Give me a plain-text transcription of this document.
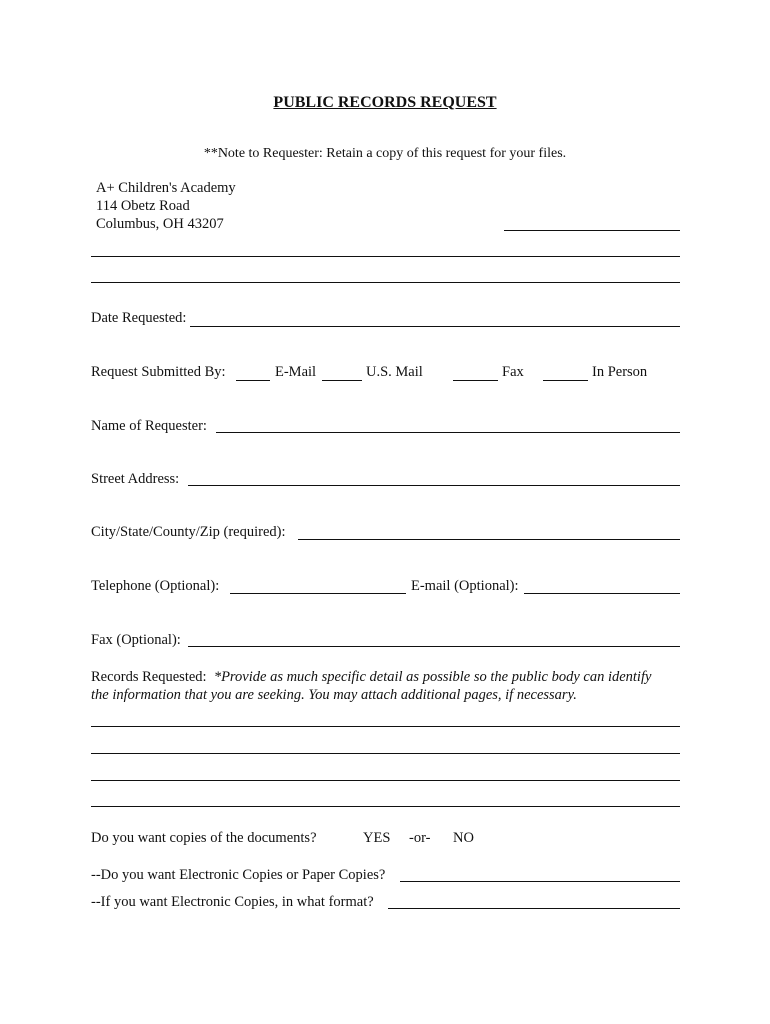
PUBLIC RECORDS REQUEST
**Note to Requester: Retain a copy of this request for your files.
A+ Children's Academy
114 Obetz Road
Columbus, OH 43207
Date Requested:
Request Submitted By:	E-Mail	U.S. Mail	Fax	In Person
Name of Requester:
Street Address:
City/State/County/Zip (required):
Telephone (Optional):	E-mail (Optional):
Fax (Optional):
Records Requested: *Provide as much specific detail as possible so the public body can identify
the information that you are seeking. You may attach additional pages, if necessary.
Do you want copies of the documents?	YES -or- NO
--Do you want Electronic Copies or Paper Copies?
--If you want Electronic Copies, in what format?
